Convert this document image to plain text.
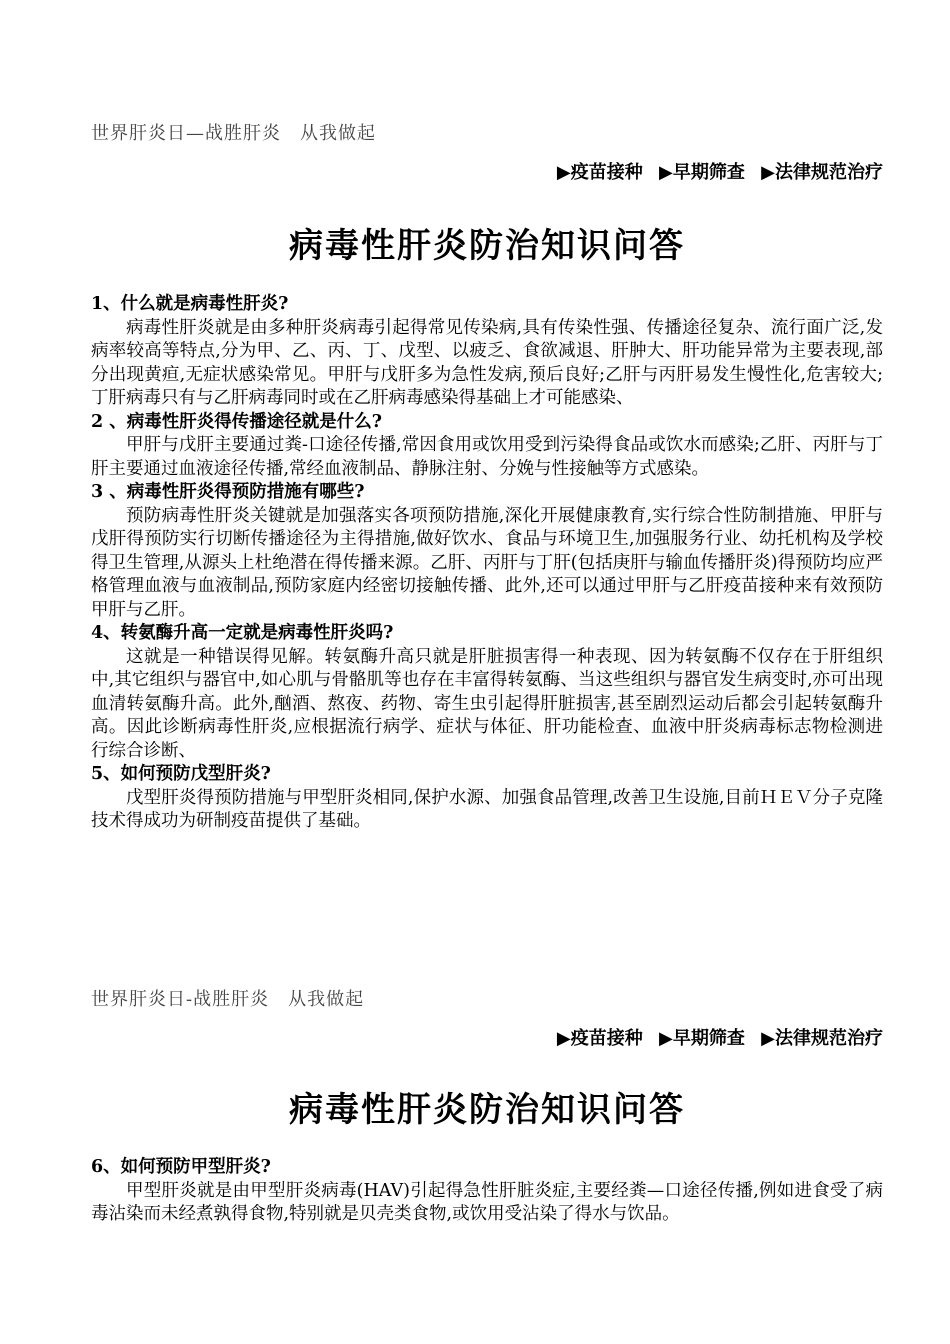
世界肝炎日—战胜肝炎　从我做起
▶疫苗接种 ▶早期筛查 ▶法律规范治疗
病毒性肝炎防治知识问答

1、什么就是病毒性肝炎?

病毒性肝炎就是由多种肝炎病毒引起得常见传染病,具有传染性强、传播途径复杂、流行面广泛,发病率较高等特点,分为甲、乙、丙、丁、戊型、以疲乏、食欲减退、肝肿大、肝功能异常为主要表现,部分出现黄疸,无症状感染常见。甲肝与戊肝多为急性发病,预后良好;乙肝与丙肝易发生慢性化,危害较大;丁肝病毒只有与乙肝病毒同时或在乙肝病毒感染得基础上才可能感染、

2 、病毒性肝炎得传播途径就是什么?

甲肝与戊肝主要通过粪-口途径传播,常因食用或饮用受到污染得食品或饮水而感染;乙肝、丙肝与丁肝主要通过血液途径传播,常经血液制品、静脉注射、分娩与性接触等方式感染。

3 、病毒性肝炎得预防措施有哪些?

预防病毒性肝炎关键就是加强落实各项预防措施,深化开展健康教育,实行综合性防制措施、甲肝与戊肝得预防实行切断传播途径为主得措施,做好饮水、食品与环境卫生,加强服务行业、幼托机构及学校得卫生管理,从源头上杜绝潜在得传播来源。乙肝、丙肝与丁肝(包括庚肝与输血传播肝炎)得预防均应严格管理血液与血液制品,预防家庭内经密切接触传播、此外,还可以通过甲肝与乙肝疫苗接种来有效预防甲肝与乙肝。

4、转氨酶升高一定就是病毒性肝炎吗?

这就是一种错误得见解。转氨酶升高只就是肝脏损害得一种表现、因为转氨酶不仅存在于肝组织中,其它组织与器官中,如心肌与骨骼肌等也存在丰富得转氨酶、当这些组织与器官发生病变时,亦可出现血清转氨酶升高。此外,酗酒、熬夜、药物、寄生虫引起得肝脏损害,甚至剧烈运动后都会引起转氨酶升高。因此诊断病毒性肝炎,应根据流行病学、症状与体征、肝功能检查、血液中肝炎病毒标志物检测进行综合诊断、

5、如何预防戊型肝炎?

戊型肝炎得预防措施与甲型肝炎相同,保护水源、加强食品管理,改善卫生设施,目前ＨＥＶ分子克隆技术得成功为研制疫苗提供了基础。

世界肝炎日-战胜肝炎　从我做起
▶疫苗接种 ▶早期筛查 ▶法律规范治疗
病毒性肝炎防治知识问答

6、如何预防甲型肝炎?

甲型肝炎就是由甲型肝炎病毒(HAV)引起得急性肝脏炎症,主要经粪—口途径传播,例如进食受了病毒沾染而未经煮孰得食物,特别就是贝壳类食物,或饮用受沾染了得水与饮品。
